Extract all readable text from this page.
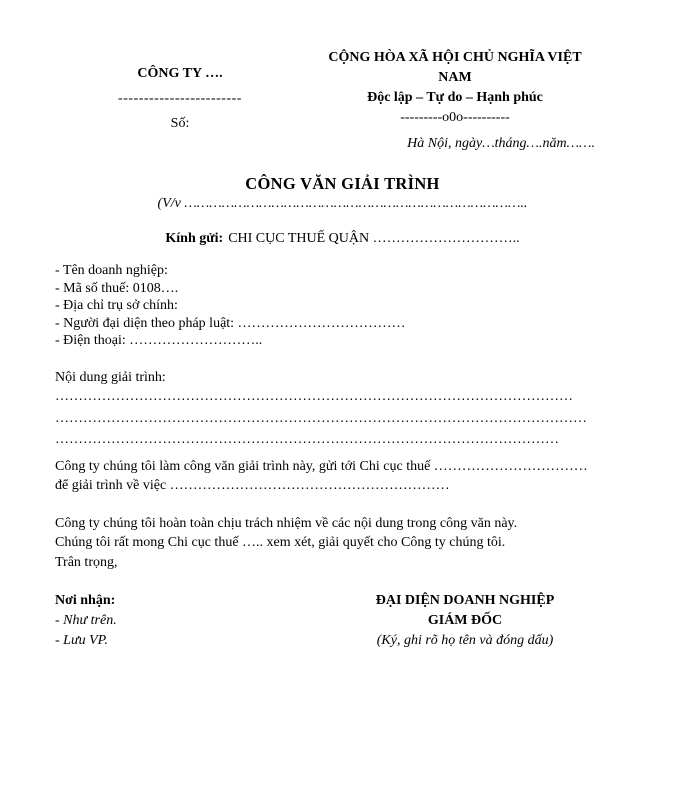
CÔNG TY ….
------------------------
Số:
CỘNG HÒA XÃ HỘI CHỦ NGHĨA VIỆT NAM
Độc lập – Tự do – Hạnh phúc
---------o0o----------
Hà Nội, ngày…tháng….năm…….
CÔNG VĂN GIẢI TRÌNH
(V/v ………………………………………………………………………..
Kính gửi: CHI CỤC THUẾ QUẬN …………………………..
- Tên doanh nghiệp:
- Mã số thuế: 0108….
- Địa chỉ trụ sở chính:
- Người đại diện theo pháp luật: ………………………………
- Điện thoại: ………………………..
Nội dung giải trình:
…………………………………………………………………………………………………
……………………………………………………………………………………………………
………………………………………………………………………………………………
Công ty chúng tôi làm công văn giải trình này, gửi tới Chi cục thuế ……………………………
để giải trình về việc ……………………………………………………
Công ty chúng tôi hoàn toàn chịu trách nhiệm về các nội dung trong công văn này.
Chúng tôi rất mong Chi cục thuế ….. xem xét, giải quyết cho Công ty chúng tôi.
Trân trọng,
Nơi nhận:
- Như trên.
- Lưu VP.
ĐẠI DIỆN DOANH NGHIỆP
GIÁM ĐỐC
(Ký, ghi rõ họ tên và đóng dấu)
